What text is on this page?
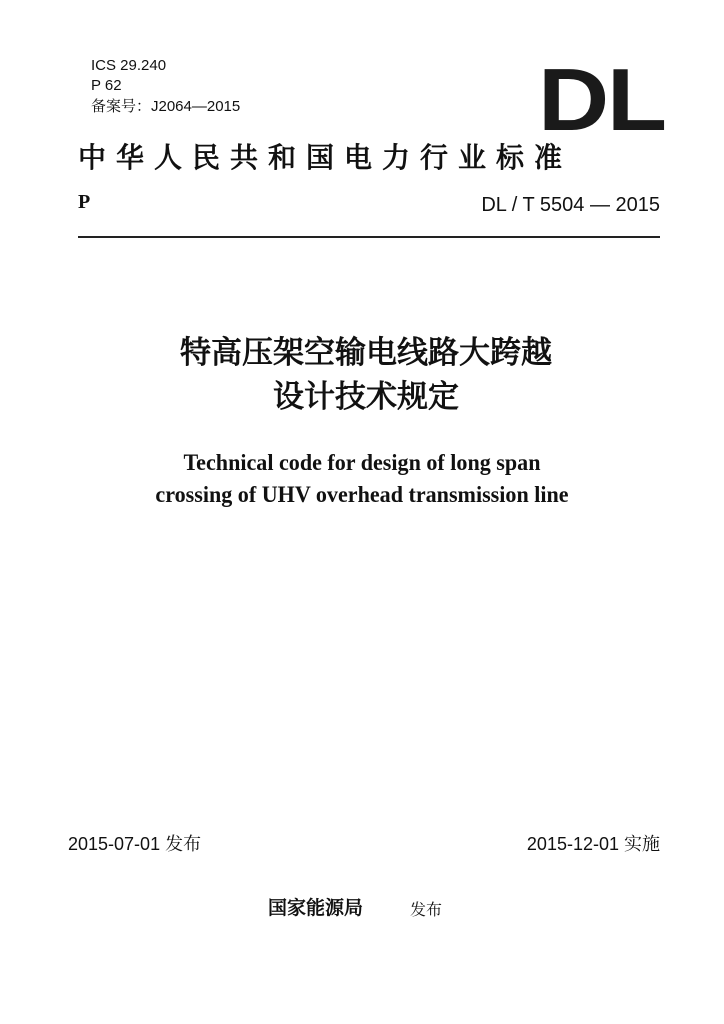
ICS 29.240

P 62

备案号：J2064—2015	DL
中华人民共和国电力行业标准

P	DL / T 5504 — 2015

特高压架空输电线路大跨越
设计技术规定
Technical code for design of long span
crossing of UHV overhead transmission line

2015-07-01 发布	2015-12-01 实施

国家能源局	发布
